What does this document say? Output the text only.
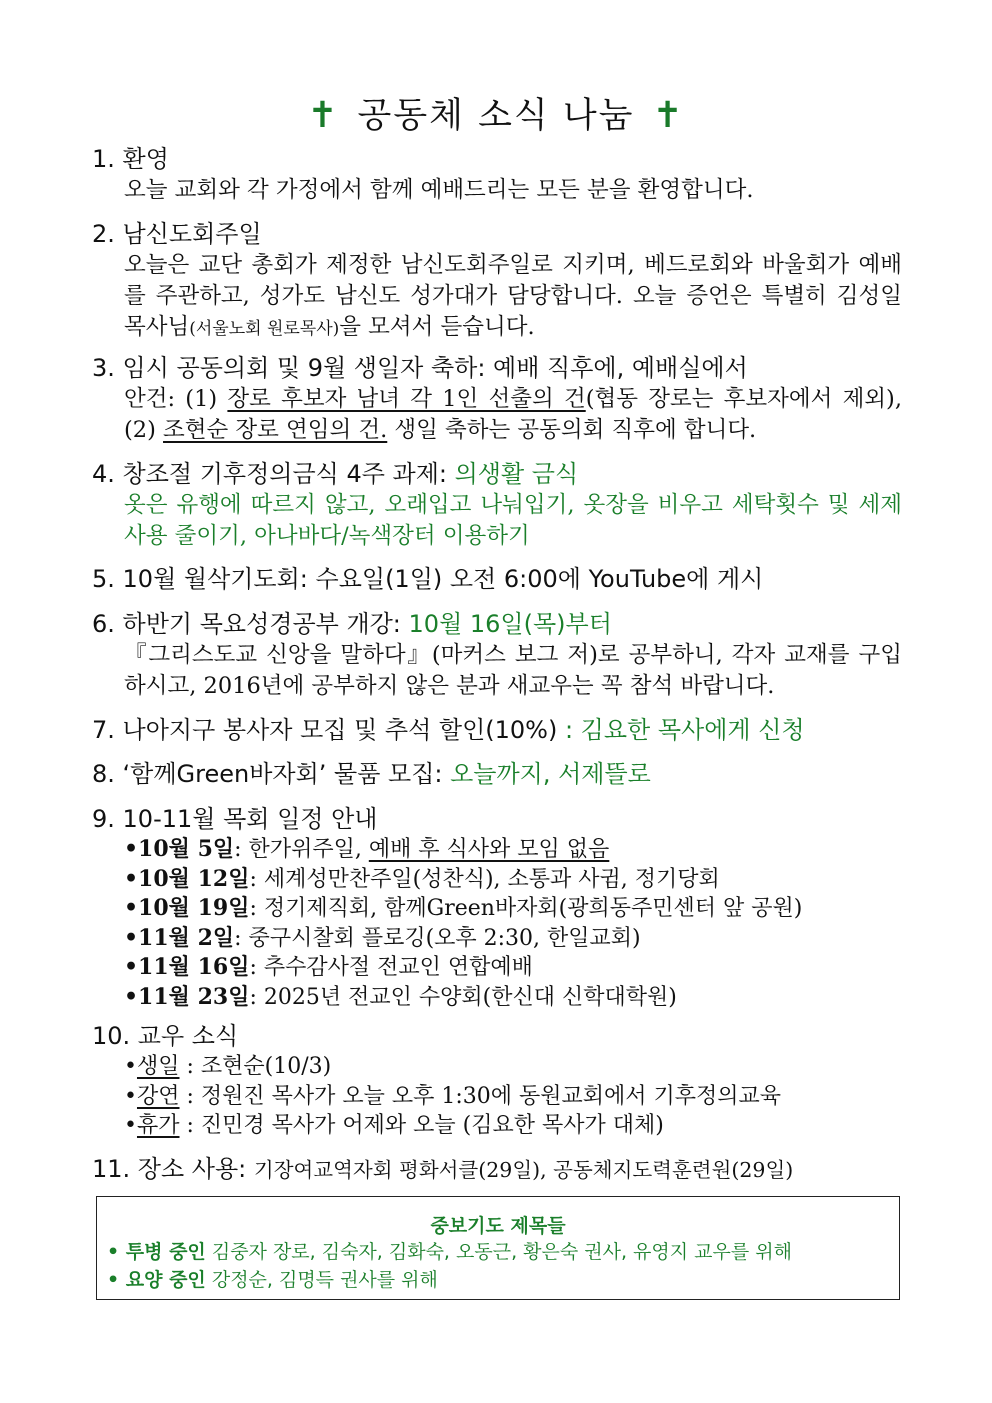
✝ 공동체 소식 나눔 ✝
1. 환영
오늘 교회와 각 가정에서 함께 예배드리는 모든 분을 환영합니다.
2. 남신도회주일
오늘은 교단 총회가 제정한 남신도회주일로 지키며, 베드로회와 바울회가 예배를 주관하고, 성가도 남신도 성가대가 담당합니다. 오늘 증언은 특별히 김성일 목사님(서울노회 원로목사)을 모셔서 듣습니다.
3. 임시 공동의회 및 9월 생일자 축하: 예배 직후에, 예배실에서
안건: (1) 장로 후보자 남녀 각 1인 선출의 건(협동 장로는 후보자에서 제외), (2) 조현순 장로 연임의 건. 생일 축하는 공동의회 직후에 합니다.
4. 창조절 기후정의금식 4주 과제: 의생활 금식
옷은 유행에 따르지 않고, 오래입고 나눠입기, 옷장을 비우고 세탁횟수 및 세제사용 줄이기, 아나바다/녹색장터 이용하기
5. 10월 월삭기도회: 수요일(1일) 오전 6:00에 YouTube에 게시
6. 하반기 목요성경공부 개강: 10월 16일(목)부터
『그리스도교 신앙을 말하다』(마커스 보그 저)로 공부하니, 각자 교재를 구입하시고, 2016년에 공부하지 않은 분과 새교우는 꼭 참석 바랍니다.
7. 나아지구 봉사자 모집 및 추석 할인(10%) : 김요한 목사에게 신청
8. ‘함께Green바자회’ 물품 모집: 오늘까지, 서제뜰로
9. 10-11월 목회 일정 안내
•10월 5일: 한가위주일, 예배 후 식사와 모임 없음
•10월 12일: 세계성만찬주일(성찬식), 소통과 사귐, 정기당회
•10월 19일: 정기제직회, 함께Green바자회(광희동주민센터 앞 공원)
•11월 2일: 중구시찰회 플로깅(오후 2:30, 한일교회)
•11월 16일: 추수감사절 전교인 연합예배
•11월 23일: 2025년 전교인 수양회(한신대 신학대학원)
10. 교우 소식
•생일 : 조현순(10/3)
•강연 : 정원진 목사가 오늘 오후 1:30에 동원교회에서 기후정의교육
•휴가 : 진민경 목사가 어제와 오늘 (김요한 목사가 대체)
11. 장소 사용: 기장여교역자회 평화서클(29일), 공동체지도력훈련원(29일)
중보기도 제목들
• 투병 중인 김중자 장로, 김숙자, 김화숙, 오동근, 황은숙 권사, 유영지 교우를 위해
• 요양 중인 강정순, 김명득 권사를 위해
